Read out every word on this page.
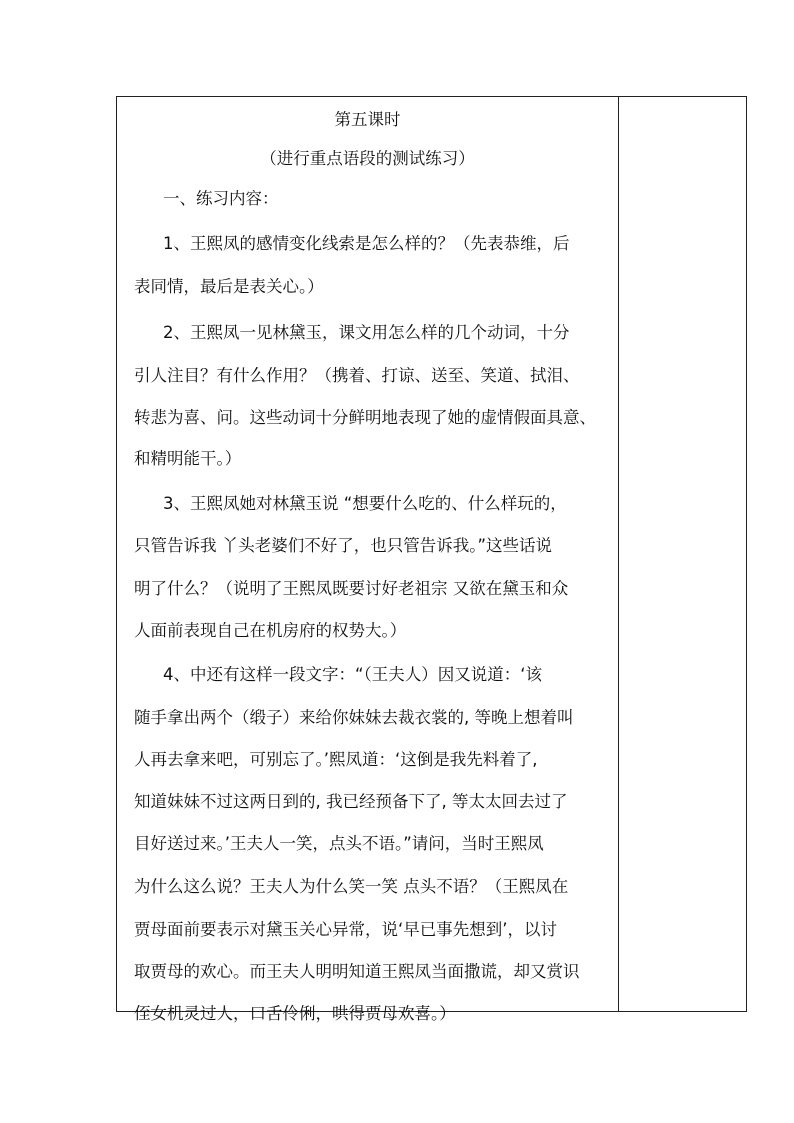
第五课时
（进行重点语段的测试练习）
一、练习内容：
1、王熙凤的感情变化线索是怎么样的？（先表恭维，后
表同情，最后是表关心。）
2、王熙凤一见林黛玉，课文用怎么样的几个动词，十分
引人注目？有什么作用？（携着、打谅、送至、笑道、拭泪、
转悲为喜、问。这些动词十分鲜明地表现了她的虚情假面具意、
和精明能干。）
3、王熙凤她对林黛玉说 “想要什么吃的、什么样玩的，
只管告诉我 丫头老婆们不好了，也只管告诉我。”这些话说
明了什么？（说明了王熙凤既要讨好老祖宗 又欲在黛玉和众
人面前表现自己在机房府的权势大。）
4、中还有这样一段文字：“（王夫人）因又说道：‘该
随手拿出两个（缎子）来给你妹妹去裁衣裳的, 等晚上想着叫
人再去拿来吧，可别忘了。’熙凤道：‘这倒是我先料着了,
知道妹妹不过这两日到的, 我已经预备下了, 等太太回去过了
目好送过来。’王夫人一笑，点头不语。”请问，当时王熙凤
为什么这么说？王夫人为什么笑一笑 点头不语？（王熙凤在
贾母面前要表示对黛玉关心异常，说‘早已事先想到’，以讨
取贾母的欢心。而王夫人明明知道王熙凤当面撒谎，却又赏识
侄女机灵过人，口舌伶俐，哄得贾母欢喜。）
